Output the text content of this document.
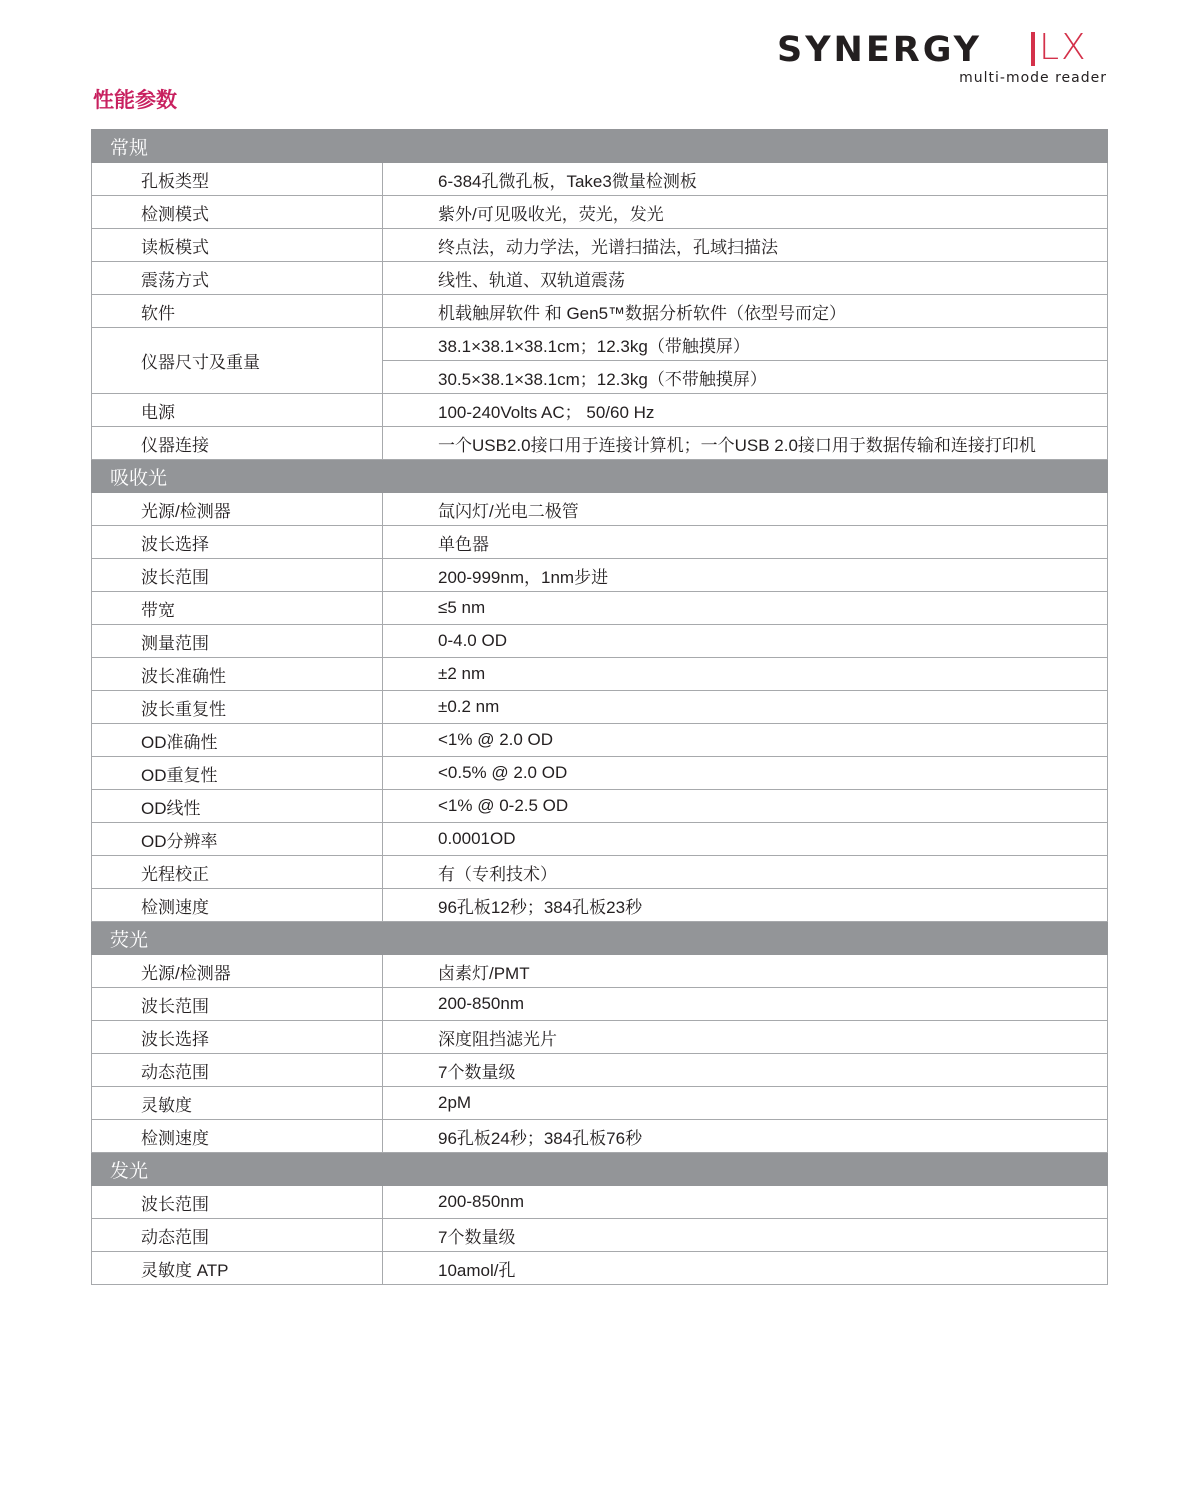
SYNERGY LX
multi-mode reader
性能参数
常规	
孔板类型	6-384孔微孔板，Take3微量检测板
检测模式	紫外/可见吸收光，荧光，发光
读板模式	终点法，动力学法，光谱扫描法，孔域扫描法
震荡方式	线性、轨道、双轨道震荡
软件	机载触屏软件 和 Gen5™数据分析软件（依型号而定）
仪器尺寸及重量	38.1×38.1×38.1cm；12.3kg（带触摸屏）
	30.5×38.1×38.1cm；12.3kg（不带触摸屏）
电源	100-240Volts AC； 50/60 Hz
仪器连接	一个USB2.0接口用于连接计算机；一个USB 2.0接口用于数据传输和连接打印机
吸收光	
光源/检测器	氙闪灯/光电二极管
波长选择	单色器
波长范围	200-999nm，1nm步进
带宽	≤5 nm
测量范围	0-4.0 OD
波长准确性	±2 nm
波长重复性	±0.2 nm
OD准确性	<1% @ 2.0 OD
OD重复性	<0.5% @ 2.0 OD
OD线性	<1% @ 0-2.5 OD
OD分辨率	0.0001OD
光程校正	有（专利技术）
检测速度	96孔板12秒；384孔板23秒
荧光	
光源/检测器	卤素灯/PMT
波长范围	200-850nm
波长选择	深度阻挡滤光片
动态范围	7个数量级
灵敏度	2pM
检测速度	96孔板24秒；384孔板76秒
发光	
波长范围	200-850nm
动态范围	7个数量级
灵敏度 ATP	10amol/孔
